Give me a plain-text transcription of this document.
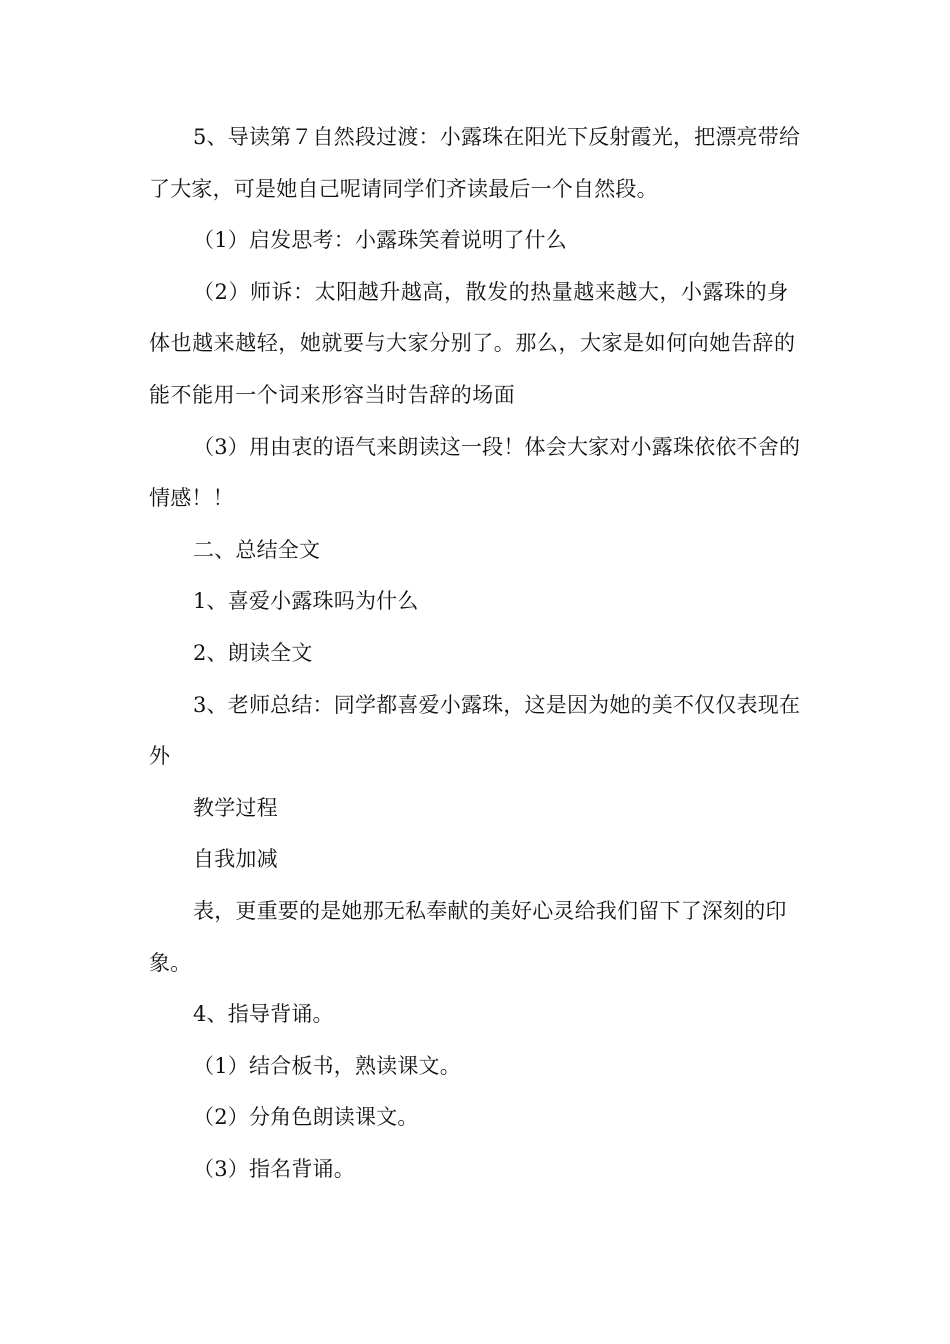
5、导读第７自然段过渡：小露珠在阳光下反射霞光，把漂亮带给了大家，可是她自己呢请同学们齐读最后一个自然段。

（1）启发思考：小露珠笑着说明了什么

（2）师诉：太阳越升越高，散发的热量越来越大，小露珠的身体也越来越轻，她就要与大家分别了。那么，大家是如何向她告辞的能不能用一个词来形容当时告辞的场面

（3）用由衷的语气来朗读这一段！体会大家对小露珠依依不舍的情感！！

二、总结全文

1、喜爱小露珠吗为什么

2、朗读全文

3、老师总结：同学都喜爱小露珠，这是因为她的美不仅仅表现在外

教学过程

自我加减

表，更重要的是她那无私奉献的美好心灵给我们留下了深刻的印象。

4、指导背诵。

（1）结合板书，熟读课文。

（2）分角色朗读课文。

（3）指名背诵。
